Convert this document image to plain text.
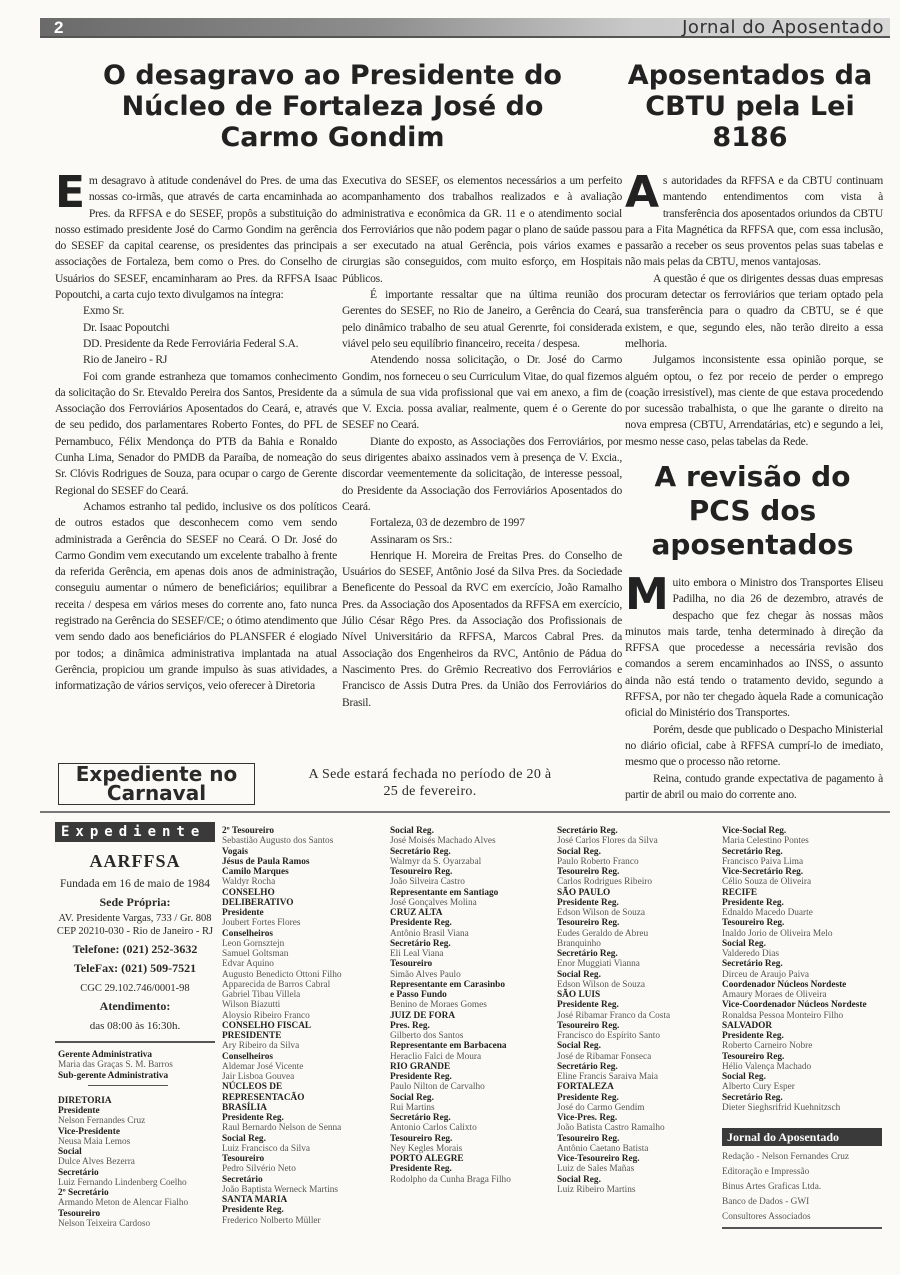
2	Jornal do Aposentado
O desagravo ao Presidente do Núcleo de Fortaleza José do Carmo Gondim
Aposentados da CBTU pela Lei 8186

Em desagravo à atitude condenável do Pres. de uma das nossas co-irmãs, que através de carta encaminhada ao Pres. da RFFSA e do SESEF, propôs a substituição do nosso estimado presidente José do Carmo Gondim na gerência do SESEF da capital cearense, os presidentes das principais associações de Fortaleza, bem como o Pres. do Conselho de Usuários do SESEF, encaminharam ao Pres. da RFFSA Isaac Popoutchi, a carta cujo texto divulgamos na íntegra:

Exmo Sr.

Dr. Isaac Popoutchi

DD. Presidente da Rede Ferroviária Federal S.A.

Rio de Janeiro - RJ

Foi com grande estranheza que tomamos conhecimento da solicitação do Sr. Etevaldo Pereira dos Santos, Presidente da Associação dos Ferroviários Aposentados do Ceará, e, através de seu pedido, dos parlamentares Roberto Fontes, do PFL de Pernambuco, Félix Mendonça do PTB da Bahia e Ronaldo Cunha Lima, Senador do PMDB da Paraíba, de nomeação do Sr. Clóvis Rodrigues de Souza, para ocupar o cargo de Gerente Regional do SESEF do Ceará.

Achamos estranho tal pedido, inclusive os dos políticos de outros estados que desconhecem como vem sendo administrada a Gerência do SESEF no Ceará. O Dr. José do Carmo Gondim vem executando um excelente trabalho à frente da referida Gerência, em apenas dois anos de administração, conseguiu aumentar o número de beneficiários; equilibrar a receita / despesa em vários meses do corrente ano, fato nunca registrado na Gerência do SESEF/CE; o ótimo atendimento que vem sendo dado aos beneficiários do PLANSFER é elogiado por todos; a dinâmica administrativa implantada na atual Gerência, propiciou um grande impulso às suas atividades, a informatização de vários serviços, veio oferecer à Diretoria

Executiva do SESEF, os elementos necessários a um perfeito acompanhamento dos trabalhos realizados e à avaliação administrativa e econômica da GR. 11 e o atendimento social dos Ferroviários que não podem pagar o plano de saúde passou a ser executado na atual Gerência, pois vários exames e cirurgias são conseguidos, com muito esforço, em Hospitais Públicos.

É importante ressaltar que na última reunião dos Gerentes do SESEF, no Rio de Janeiro, a Gerência do Ceará, pelo dinâmico trabalho de seu atual Gerenrte, foi considerada viável pelo seu equilíbrio financeiro, receita / despesa.

Atendendo nossa solicitação, o Dr. José do Carmo Gondim, nos forneceu o seu Curriculum Vitae, do qual fizemos a súmula de sua vida profissional que vai em anexo, a fim de que V. Excia. possa avaliar, realmente, quem é o Gerente do SESEF no Ceará.

Diante do exposto, as Associações dos Ferroviários, por seus dirigentes abaixo assinados vem à presença de V. Excia., discordar veementemente da solicitação, de interesse pessoal, do Presidente da Associação dos Ferroviários Aposentados do Ceará.

Fortaleza, 03 de dezembro de 1997

Assinaram os Srs.:

Henrique H. Moreira de Freitas Pres. do Conselho de Usuários do SESEF, Antônio José da Silva Pres. da Sociedade Beneficente do Pessoal da RVC em exercício, João Ramalho Pres. da Associação dos Aposentados da RFFSA em exercício, Júlio César Rêgo Pres. da Associação dos Profissionais de Nível Universitário da RFFSA, Marcos Cabral Pres. da Associação dos Engenheiros da RVC, Antônio de Pádua do Nascimento Pres. do Grêmio Recreativo dos Ferroviários e Francisco de Assis Dutra Pres. da União dos Ferroviários do Brasil.

As autoridades da RFFSA e da CBTU continuam mantendo entendimentos com vista à transferência dos aposentados oriundos da CBTU para a Fita Magnética da RFFSA que, com essa inclusão, passarão a receber os seus proventos pelas suas tabelas e não mais pelas da CBTU, menos vantajosas.

A questão é que os dirigentes dessas duas empresas procuram detectar os ferroviários que teriam optado pela sua transferência para o quadro da CBTU, se é que existem, e que, segundo eles, não terão direito a essa melhoria.

Julgamos inconsistente essa opinião porque, se alguém optou, o fez por receio de perder o emprego (coação irresistível), mas ciente de que estava procedendo por sucessão trabalhista, o que lhe garante o direito na nova empresa (CBTU, Arrendatárias, etc) e segundo a lei, mesmo nesse caso, pelas tabelas da Rede.

A revisão do PCS dos aposentados

Muito embora o Ministro dos Transportes Eliseu Padilha, no dia 26 de dezembro, através de despacho que fez chegar às nossas mãos minutos mais tarde, tenha determinado à direção da RFFSA que procedesse a necessária revisão dos comandos a serem encaminhados ao INSS, o assunto ainda não está tendo o tratamento devido, segundo a RFFSA, por não ter chegado àquela Rade a comunicação oficial do Ministério dos Transportes.

Porém, desde que publicado o Despacho Ministerial no diário oficial, cabe à RFFSA cumprí-lo de imediato, mesmo que o processo não retorne.

Reina, contudo grande expectativa de pagamento à partir de abril ou maio do corrente ano.

Expediente no Carnaval
A Sede estará fechada no período de 20 à 25 de fevereiro.
Expediente
AARFFSA
Fundada em 16 de maio de 1984
Sede Própria:
AV. Presidente Vargas, 733 / Gr. 808
CEP 20210-030 - Rio de Janeiro - RJ
Telefone: (021) 252-3632
TeleFax: (021) 509-7521
CGC 29.102.746/0001-98
Atendimento:
das 08:00 às 16:30h.
Gerente Administrativa
Maria das Graças S. M. Barros
Sub-gerente Administrativa
DIRETORIA
Presidente
Nelson Fernandes Cruz
Vice-Presidente
Neusa Maia Lemos
Social
Dulce Alves Bezerra
Secretário
Luiz Fernando Lindenberg Coelho
2º Secretário
Armando Meton de Alencar Fialho
Tesoureiro
Nelson Teixeira Cardoso
2º Tesoureiro
Sebastião Augusto dos Santos
Vogais
Jésus de Paula Ramos
Camilo Marques
Waldyr Rocha
CONSELHO
DELIBERATIVO
Presidente
Joubert Fortes Flores
Conselheiros
Leon Gornsztejn
Samuel Goltsman
Edvar Aquino
Augusto Benedicto Ottoni Filho
Apparecida de Barros Cabral
Gabriel Tibau Villela
Wilson Biazutti
Aloysio Ribeiro Franco
CONSELHO FISCAL
PRESIDENTE
Ary Ribeiro da Silva
Conselheiros
Aldemar José Vicente
Jair Lisboa Gouvea
NÚCLEOS DE
REPRESENTACÃO
BRASÍLIA
Presidente Reg.
Raul Bernardo Nelson de Senna
Social Reg.
Luiz Francisco da Silva
Tesoureiro
Pedro Silvério Neto
Secretário
João Baptista Werneck Martins
SANTA MARIA
Presidente Reg.
Frederico Nolberto Müller
Social Reg.
José Moisés Machado Alves
Secretário Reg.
Walmyr da S. Oyarzabal
Tesoureiro Reg.
João Silveira Castro
Representante em Santiago
José Gonçalves Molina
CRUZ ALTA
Presidente Reg.
Antônio Brasil Viana
Secretário Reg.
Eli Leal Viana
Tesoureiro
Simão Alves Paulo
Representante em Carasinbo
e Passo Fundo
Benino de Moraes Gomes
JUIZ DE FORA
Pres. Reg.
Gilberto dos Santos
Representante em Barbacena
Heraclio Falci de Moura
RIO GRANDE
Presidente Reg.
Paulo Nilton de Carvalho
Social Reg.
Rui Martins
Secretário Reg.
Antonio Carlos Calixto
Tesoureiro Reg.
Ney Kegles Morais
PORTO ALEGRE
Presidente Reg.
Rodolpho da Cunha Braga Filho
Secretário Reg.
José Carlos Flores da Silva
Social Reg.
Paulo Roberto Franco
Tesoureiro Reg.
Carlos Rodrigues Ribeiro
SÃO PAULO
Presidente Reg.
Edson Wilson de Souza
Tesoureiro Reg.
Eudes Geraldo de Abreu
Branquinho
Secretário Reg.
Enor Muggiati Vianna
Social Reg.
Edson Wilson de Souza
SÃO LUIS
Presidente Reg.
José Ribamar Franco da Costa
Tesoureiro Reg.
Francisco do Espírito Santo
Social Reg.
José de Ribamar Fonseca
Secretário Reg.
Eline Francis Saraiva Maia
FORTALEZA
Presidente Reg.
José do Carmo Gendim
Vice-Pres. Reg.
João Batista Castro Ramalho
Tesoureiro Reg.
Antônio Caetano Batista
Vice-Tesoureiro Reg.
Luiz de Sales Mañas
Social Reg.
Luiz Ribeiro Martins
Vice-Social Reg.
Maria Celestino Pontes
Secretário Reg.
Francisco Paiva Lima
Vice-Secretário Reg.
Célio Souza de Oliveira
RECIFE
Presidente Reg.
Ednaldo Macedo Duarte
Tesoureiro Reg.
Inaldo Jorio de Oliveira Melo
Social Reg.
Valderedo Dias
Secretário Reg.
Dirceu de Araujo Paiva
Coordenador Núcleos Nordeste
Amaury Moraes de Oliveira
Vice-Coordenador Núcleos Nordeste
Ronaldsa Pessoa Monteiro Filho
SALVADOR
Presidente Reg.
Roberto Carneiro Nobre
Tesoureiro Reg.
Hélio Valença Machado
Social Reg.
Alberto Cury Esper
Secretário Reg.
Dieter Sieghsrifrid Kuehnitzsch
Jornal do Aposentado
Redação - Nelson Fernandes Cruz
Editoração e Impressão
Binus Artes Graficas Ltda.
Banco de Dados - GWI
Consultores Associados
